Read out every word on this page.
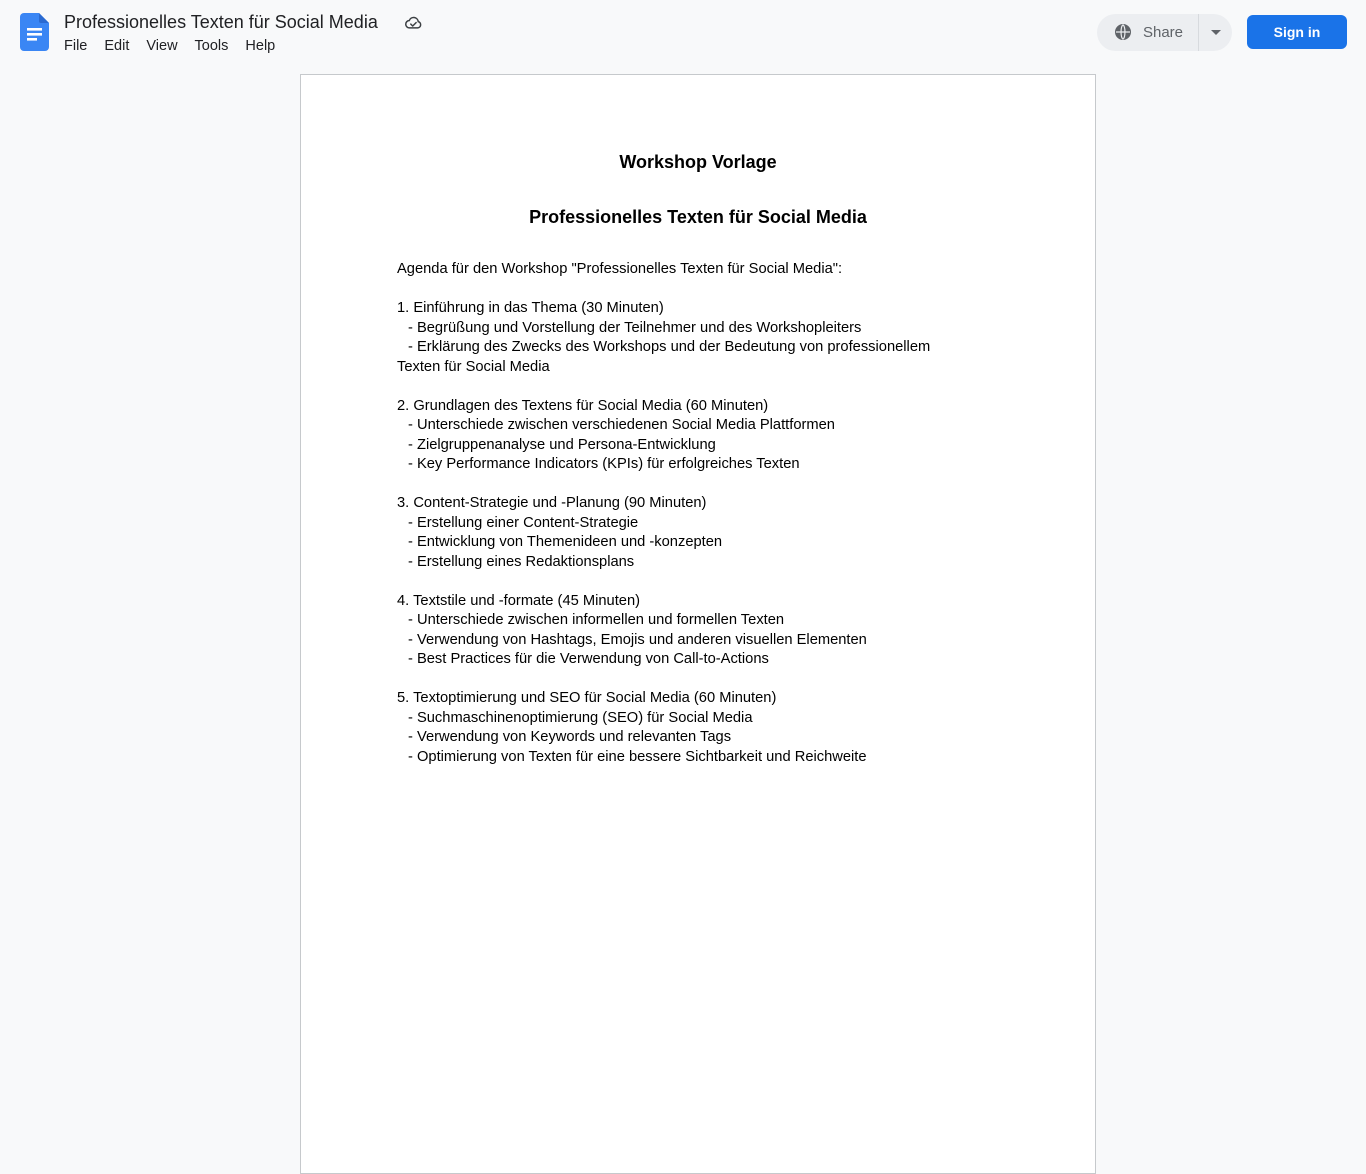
Professionelles Texten für Social Media
File Edit View Tools Help
Share	Sign in
Workshop Vorlage
Professionelles Texten für Social Media
Agenda für den Workshop "Professionelles Texten für Social Media":
1. Einführung in das Thema (30 Minuten)
- Begrüßung und Vorstellung der Teilnehmer und des Workshopleiters
- Erklärung des Zwecks des Workshops und der Bedeutung von professionellem
Texten für Social Media
2. Grundlagen des Textens für Social Media (60 Minuten)
- Unterschiede zwischen verschiedenen Social Media Plattformen
- Zielgruppenanalyse und Persona-Entwicklung
- Key Performance Indicators (KPIs) für erfolgreiches Texten
3. Content-Strategie und -Planung (90 Minuten)
- Erstellung einer Content-Strategie
- Entwicklung von Themenideen und -konzepten
- Erstellung eines Redaktionsplans
4. Textstile und -formate (45 Minuten)
- Unterschiede zwischen informellen und formellen Texten
- Verwendung von Hashtags, Emojis und anderen visuellen Elementen
- Best Practices für die Verwendung von Call-to-Actions
5. Textoptimierung und SEO für Social Media (60 Minuten)
- Suchmaschinenoptimierung (SEO) für Social Media
- Verwendung von Keywords und relevanten Tags
- Optimierung von Texten für eine bessere Sichtbarkeit und Reichweite
